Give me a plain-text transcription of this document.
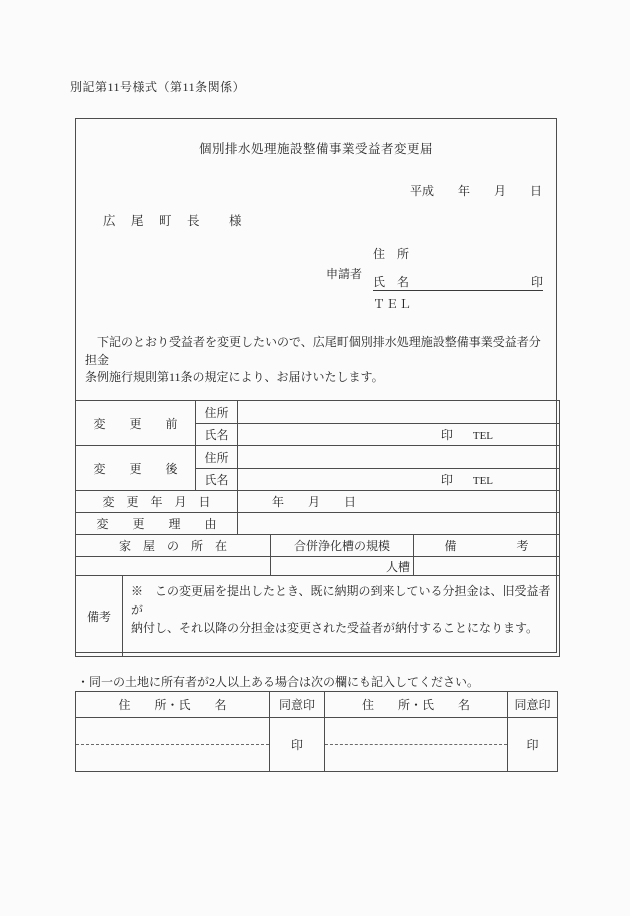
別記第11号様式（第11条関係）
個別排水処理施設整備事業受益者変更届
平成　　年　　月　　日
広　尾　町　長　　様
住　所
申請者
氏　名	印
ＴＥＬ
　下記のとおり受益者を変更したいので、広尾町個別排水処理施設整備事業受益者分担金
条例施行規則第11条の規定により、お届けいたします。
変　　更　　前		住所			
		氏名	印 TEL		
変　　更　　後		住所			
		氏名	印 TEL		
変　更　年　月　日			年　　月　　日		
変　　更　　理　　由					
家　屋　の　所　在				合併浄化槽の規模	備　　　　　考
				人槽	
備考	※　この変更届を提出したとき、既に納期の到来している分担金は、旧受益者が
納付し、それ以降の分担金は変更された受益者が納付することになります。				
・同一の土地に所有者が2人以上ある場合は次の欄にも記入してください。
住　　所・氏　　名	同意印	住　　所・氏　　名	同意印

	印		印
